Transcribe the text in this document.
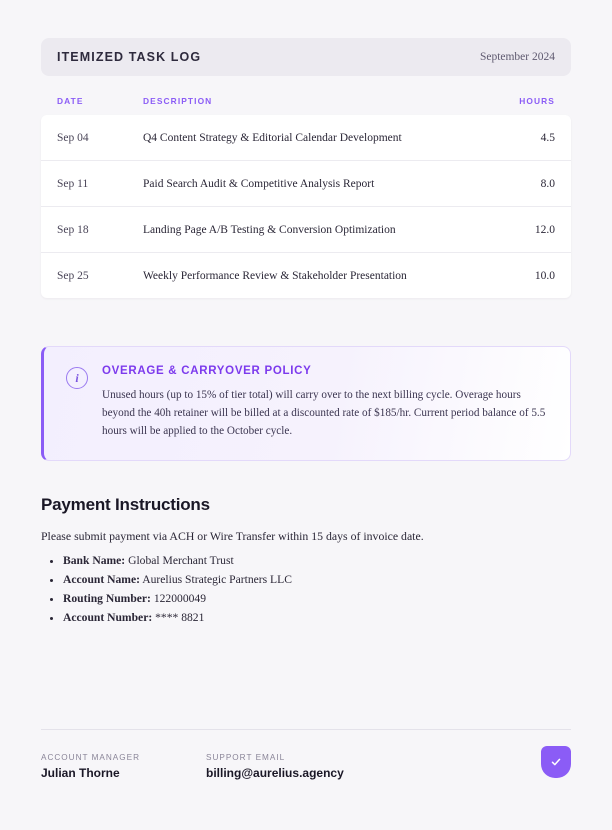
ITEMIZED TASK LOG	September 2024
DATE	DESCRIPTION	HOURS
Sep 04	Q4 Content Strategy & Editorial Calendar Development	4.5
Sep 11	Paid Search Audit & Competitive Analysis Report	8.0
Sep 18	Landing Page A/B Testing & Conversion Optimization	12.0
Sep 25	Weekly Performance Review & Stakeholder Presentation	10.0
i	OVERAGE & CARRYOVER POLICY
Unused hours (up to 15% of tier total) will carry over to the next billing cycle. Overage hours beyond the 40h retainer will be billed at a discounted rate of $185/hr. Current period balance of 5.5 hours will be applied to the October cycle.
Payment Instructions
Please submit payment via ACH or Wire Transfer within 15 days of invoice date.
• Bank Name: Global Merchant Trust
• Account Name: Aurelius Strategic Partners LLC
• Routing Number: 122000049
• Account Number: **** 8821
ACCOUNT MANAGER
Julian Thorne
SUPPORT EMAIL
billing@aurelius.agency
